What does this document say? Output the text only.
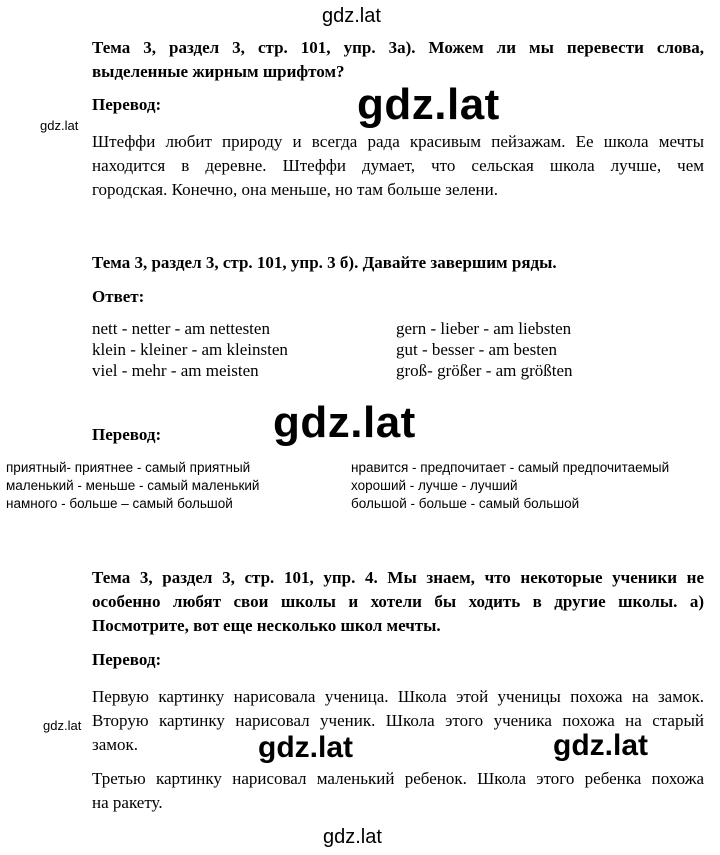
gdz.lat
gdz.lat
gdz.lat
gdz.lat
gdz.lat
gdz.lat	gdz.lat
gdz.lat
Тема 3, раздел 3, стр. 101, упр. 3а). Можем ли мы перевести слова,
выделенные жирным шрифтом?
Перевод:
Штеффи любит природу и всегда рада красивым пейзажам. Ее школа мечты
находится в деревне. Штеффи думает, что сельская школа лучше, чем
городская. Конечно, она меньше, но там больше зелени.
Тема 3, раздел 3, стр. 101, упр. 3 б). Давайте завершим ряды.
Ответ:
nett - netter - am nettesten
klein - kleiner - am kleinsten
viel - mehr - am meisten
gern - lieber - am liebsten
gut - besser - am besten
groß- größer - am größten
Перевод:
приятный- приятнее - самый приятный
маленький - меньше - самый маленький
намного - больше – самый большой
нравится - предпочитает - самый предпочитаемый
хороший - лучше - лучший
большой - больше - самый большой
Тема 3, раздел 3, стр. 101, упр. 4. Мы знаем, что некоторые ученики не
особенно любят свои школы и хотели бы ходить в другие школы. а)
Посмотрите, вот еще несколько школ мечты.
Перевод:
Первую картинку нарисовала ученица. Школа этой ученицы похожа на замок.
Вторую картинку нарисовал ученик. Школа этого ученика похожа на старый
замок.
Третью картинку нарисовал маленький ребенок. Школа этого ребенка похожа
на ракету.
